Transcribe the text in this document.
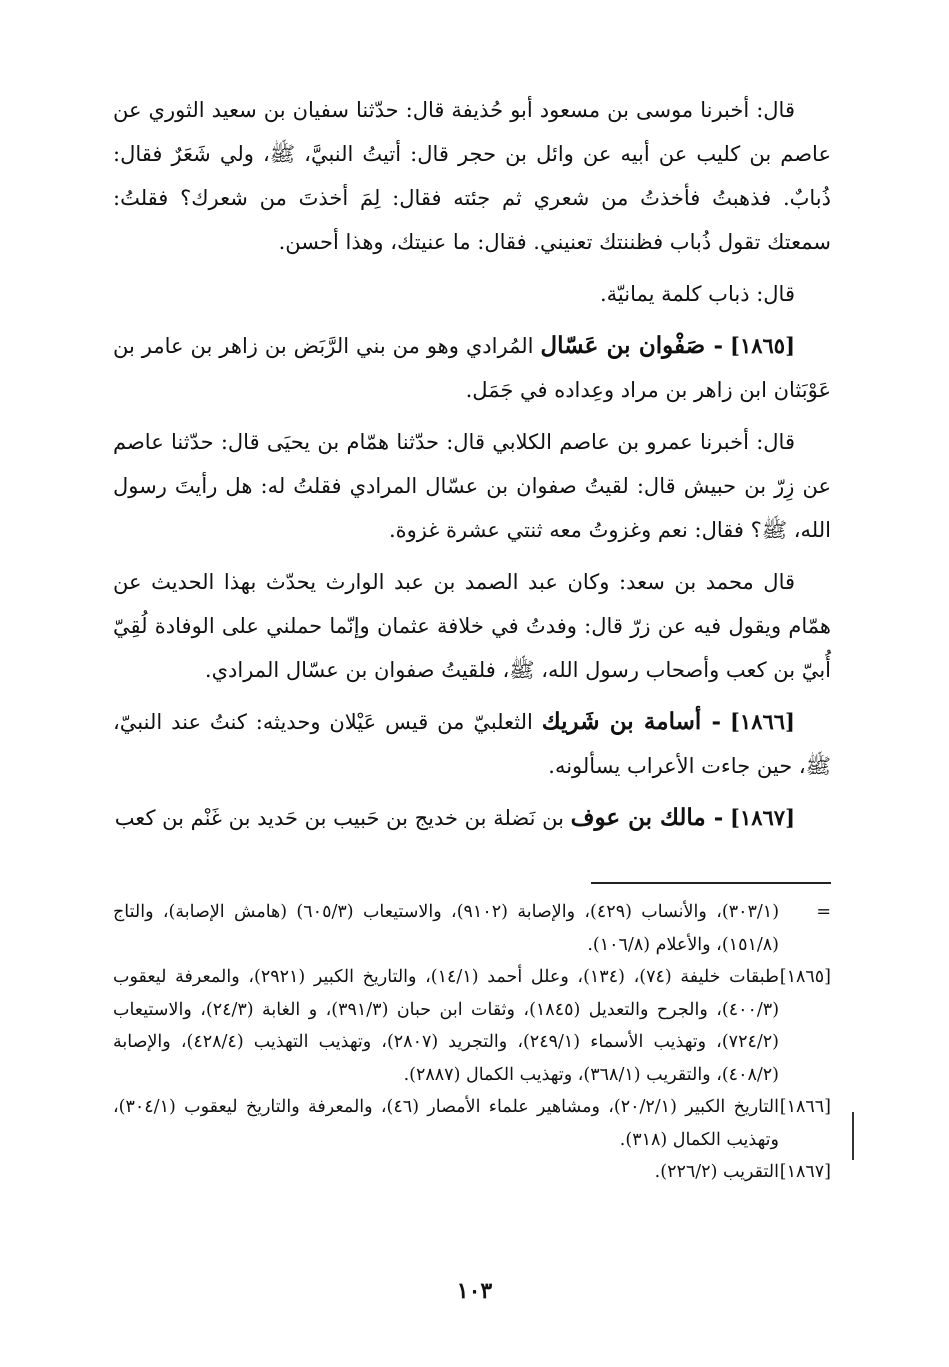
قال: أخبرنا موسى بن مسعود أبو حُذيفة قال: حدّثنا سفيان بن سعيد الثوري عن عاصم بن كليب عن أبيه عن وائل بن حجر قال: أتيتُ النبيَّ، ﷺ، ولي شَعَرٌ فقال: ذُبابٌ. فذهبتُ فأخذتُ من شعري ثم جئته فقال: لِمَ أخذتَ من شعرك؟ فقلتُ: سمعتك تقول ذُباب فظننتك تعنيني. فقال: ما عنيتك، وهذا أحسن.

قال: ذباب كلمة يمانيّة.

[١٨٦٥] - صَفْوان بن عَسّال المُرادي وهو من بني الرَّبَض بن زاهر بن عامر بن عَوْبَثان ابن زاهر بن مراد وعِداده في جَمَل.

قال: أخبرنا عمرو بن عاصم الكلابي قال: حدّثنا همّام بن يحيَى قال: حدّثنا عاصم عن زِرّ بن حبيش قال: لقيتُ صفوان بن عسّال المرادي فقلتُ له: هل رأيتَ رسول الله، ﷺ؟ فقال: نعم وغزوتُ معه ثنتي عشرة غزوة.

قال محمد بن سعد: وكان عبد الصمد بن عبد الوارث يحدّث بهذا الحديث عن همّام ويقول فيه عن زرّ قال: وفدتُ في خلافة عثمان وإنّما حملني على الوفادة لُقِيّ أُبيّ بن كعب وأصحاب رسول الله، ﷺ، فلقيتُ صفوان بن عسّال المرادي.

[١٨٦٦] - أسامة بن شَريك الثعلبيّ من قيس عَيْلان وحديثه: كنتُ عند النبيّ، ﷺ، حين جاءت الأعراب يسألونه.

[١٨٦٧] - مالك بن عوف بن نَضلة بن خديج بن حَبيب بن حَديد بن غَنْم بن كعب

=(٣٠٣/١)، والأنساب (٤٢٩)، والإصابة (٩١٠٢)، والاستيعاب (٦٠٥/٣) (هامش الإصابة)، والتاج (١٥١/٨)، والأعلام (١٠٦/٨).

[١٨٦٥]طبقات خليفة (٧٤)، (١٣٤)، وعلل أحمد (١٤/١)، والتاريخ الكبير (٢٩٢١)، والمعرفة ليعقوب (٤٠٠/٣)، والجرح والتعديل (١٨٤٥)، وثقات ابن حبان (٣٩١/٣)، و الغابة (٢٤/٣)، والاستيعاب (٧٢٤/٢)، وتهذيب الأسماء (٢٤٩/١)، والتجريد (٢٨٠٧)، وتهذيب التهذيب (٤٢٨/٤)، والإصابة (٤٠٨/٢)، والتقريب (٣٦٨/١)، وتهذيب الكمال (٢٨٨٧).

[١٨٦٦]التاريخ الكبير (٢٠/٢/١)، ومشاهير علماء الأمصار (٤٦)، والمعرفة والتاريخ ليعقوب (٣٠٤/١)، وتهذيب الكمال (٣١٨).

[١٨٦٧]التقريب (٢٢٦/٢).

١٠٣
